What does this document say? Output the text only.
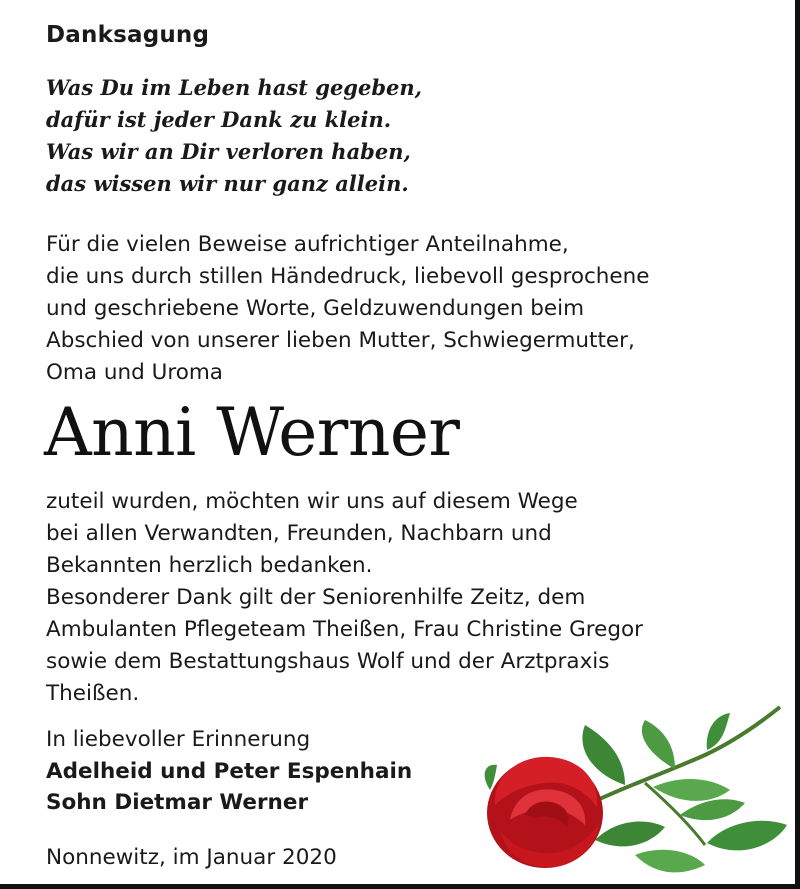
Danksagung
Was Du im Leben hast gegeben,
dafür ist jeder Dank zu klein.
Was wir an Dir verloren haben,
das wissen wir nur ganz allein.
Für die vielen Beweise aufrichtiger Anteilnahme,
die uns durch stillen Händedruck, liebevoll gesprochene
und geschriebene Worte, Geldzuwendungen beim
Abschied von unserer lieben Mutter, Schwiegermutter,
Oma und Uroma
Anni Werner
zuteil wurden, möchten wir uns auf diesem Wege
bei allen Verwandten, Freunden, Nachbarn und
Bekannten herzlich bedanken.
Besonderer Dank gilt der Seniorenhilfe Zeitz, dem
Ambulanten Pflegeteam Theißen, Frau Christine Gregor
sowie dem Bestattungshaus Wolf und der Arztpraxis
Theißen.
In liebevoller Erinnerung
Adelheid und Peter Espenhain
Sohn Dietmar Werner
Nonnewitz, im Januar 2020
